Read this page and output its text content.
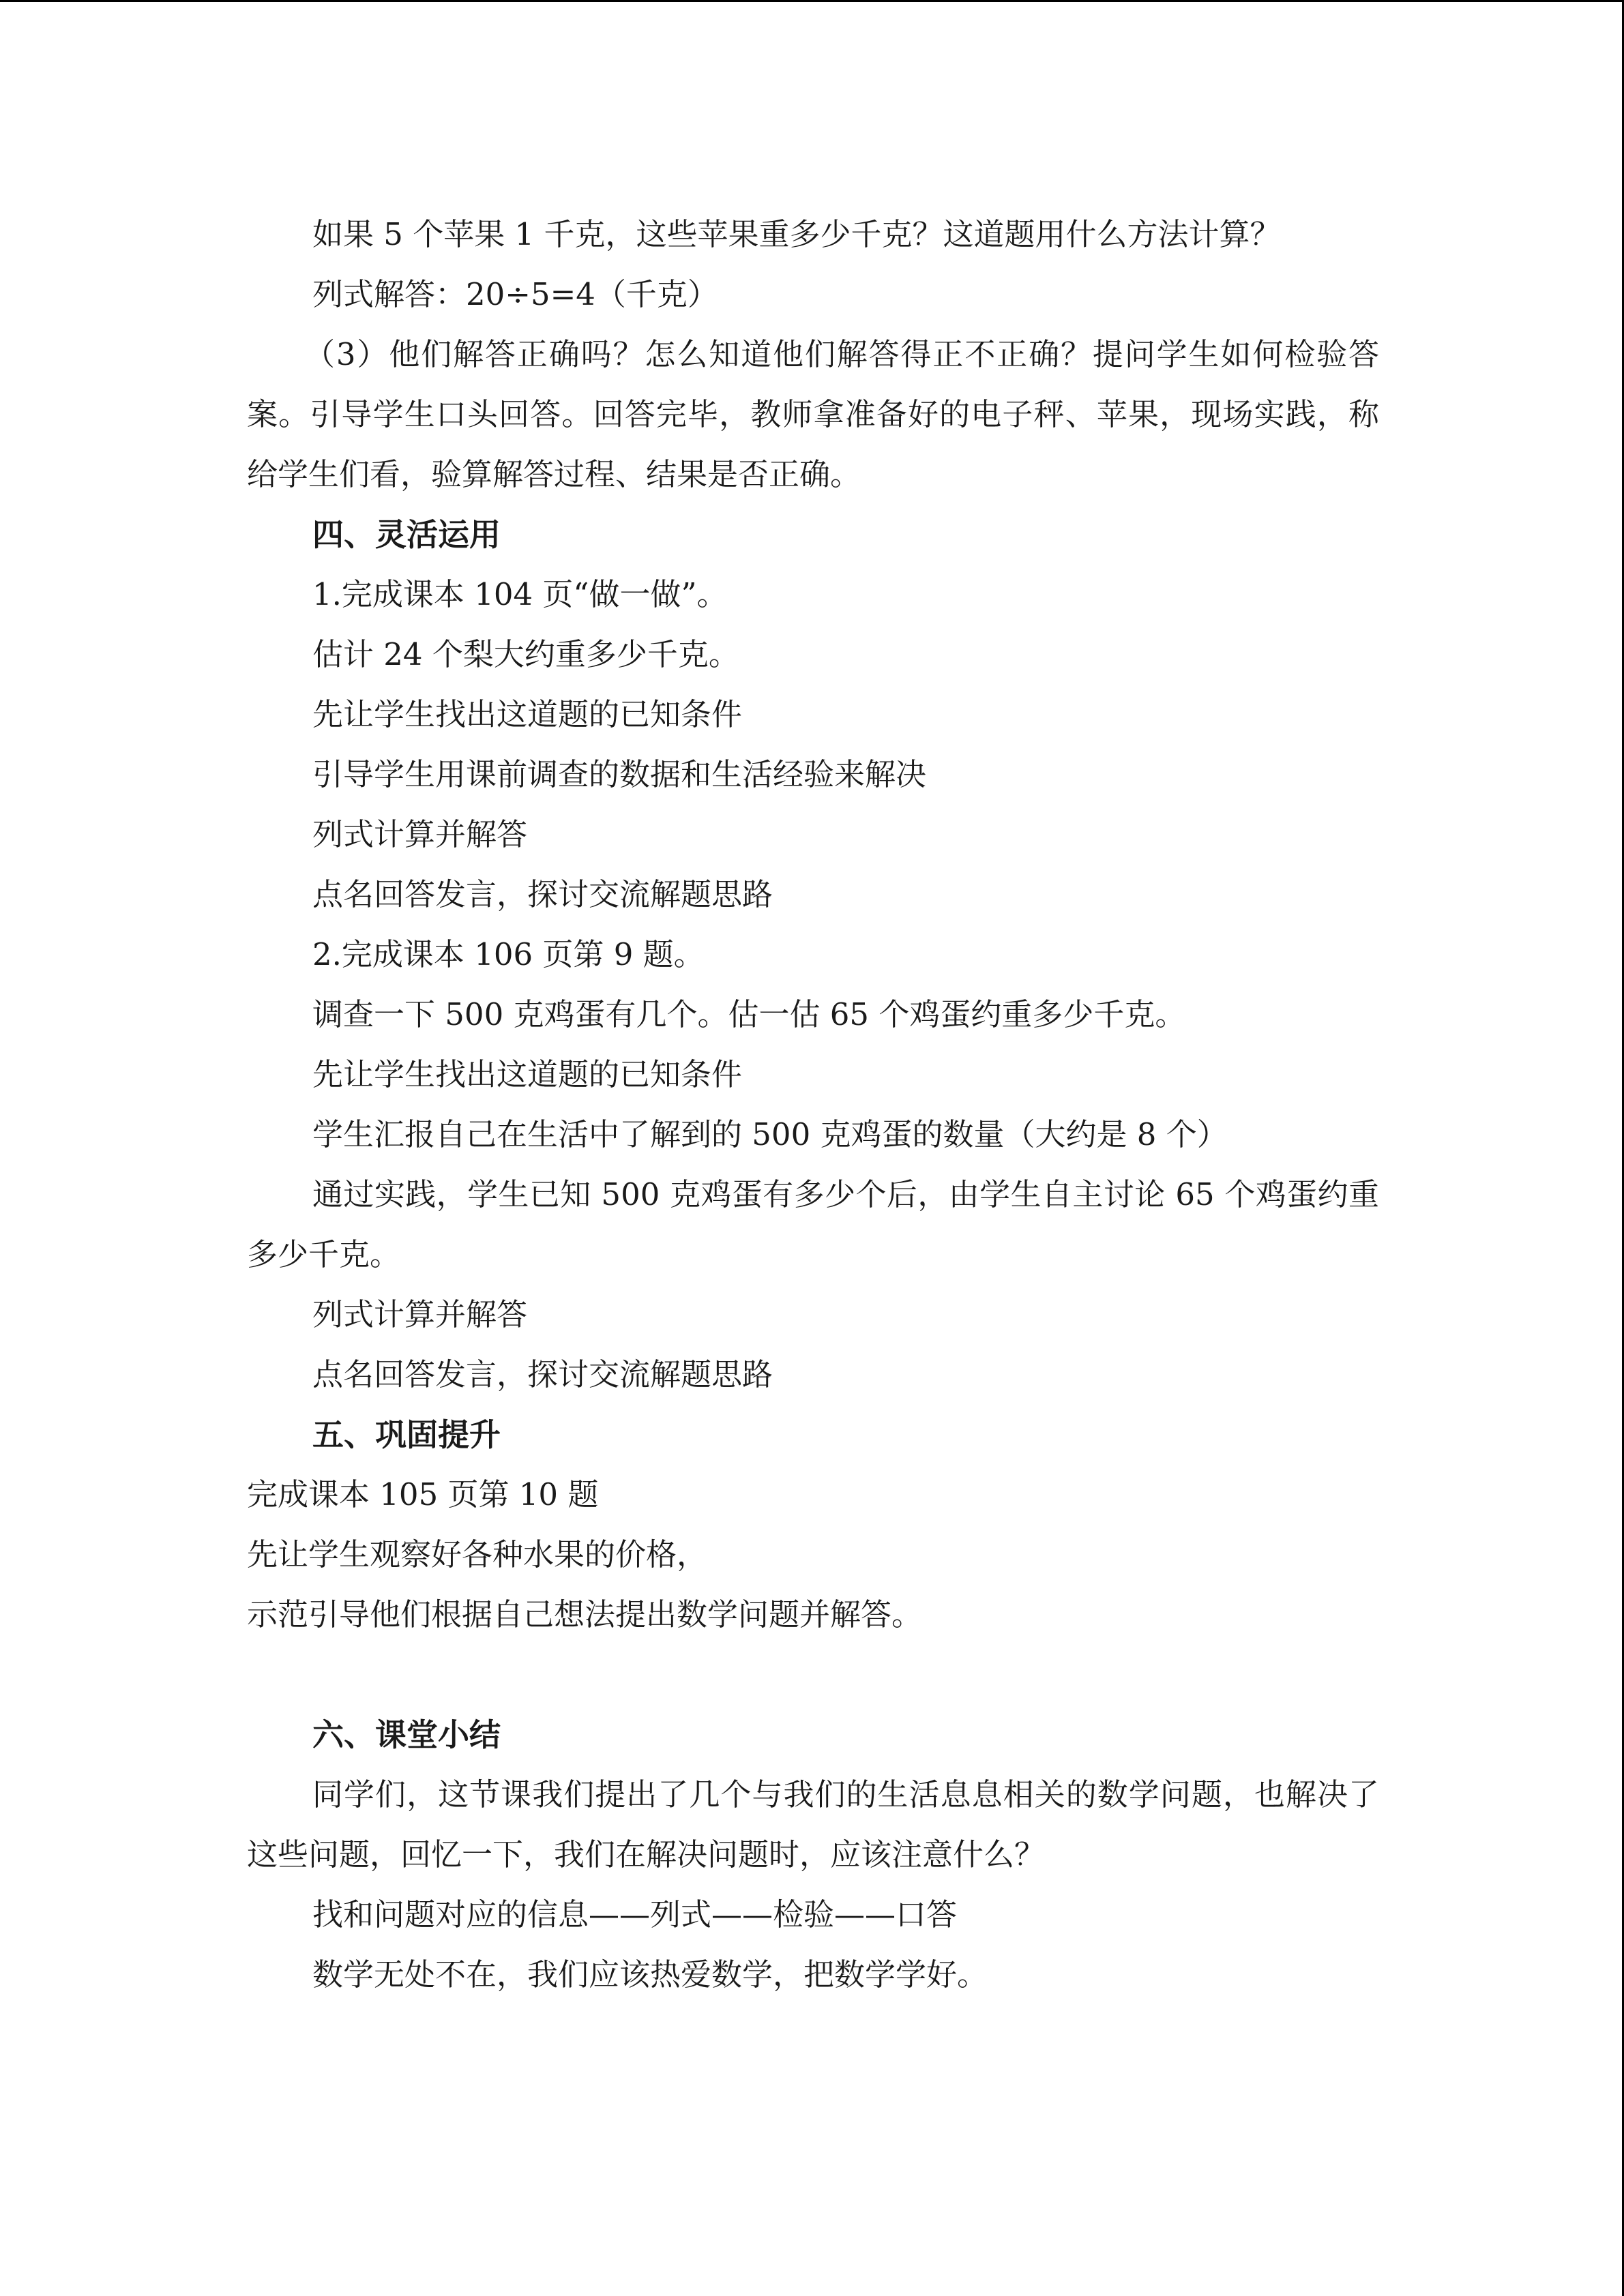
如果 5 个苹果 1 千克，这些苹果重多少千克？这道题用什么方法计算？

列式解答：20÷5=4（千克）

（3）他们解答正确吗？怎么知道他们解答得正不正确？提问学生如何检验答案。引导学生口头回答。回答完毕，教师拿准备好的电子秤、苹果，现场实践，称给学生们看，验算解答过程、结果是否正确。

四、灵活运用

1.完成课本 104 页“做一做”。

估计 24 个梨大约重多少千克。

先让学生找出这道题的已知条件

引导学生用课前调查的数据和生活经验来解决

列式计算并解答

点名回答发言，探讨交流解题思路

2.完成课本 106 页第 9 题。

调查一下 500 克鸡蛋有几个。估一估 65 个鸡蛋约重多少千克。

先让学生找出这道题的已知条件

学生汇报自己在生活中了解到的 500 克鸡蛋的数量（大约是 8 个）

通过实践，学生已知 500 克鸡蛋有多少个后，由学生自主讨论 65 个鸡蛋约重多少千克。

列式计算并解答

点名回答发言，探讨交流解题思路

五、巩固提升

完成课本 105 页第 10 题

先让学生观察好各种水果的价格，

示范引导他们根据自己想法提出数学问题并解答。

六、课堂小结

同学们，这节课我们提出了几个与我们的生活息息相关的数学问题，也解决了这些问题，回忆一下，我们在解决问题时，应该注意什么？

找和问题对应的信息——列式——检验——口答

数学无处不在，我们应该热爱数学，把数学学好。
